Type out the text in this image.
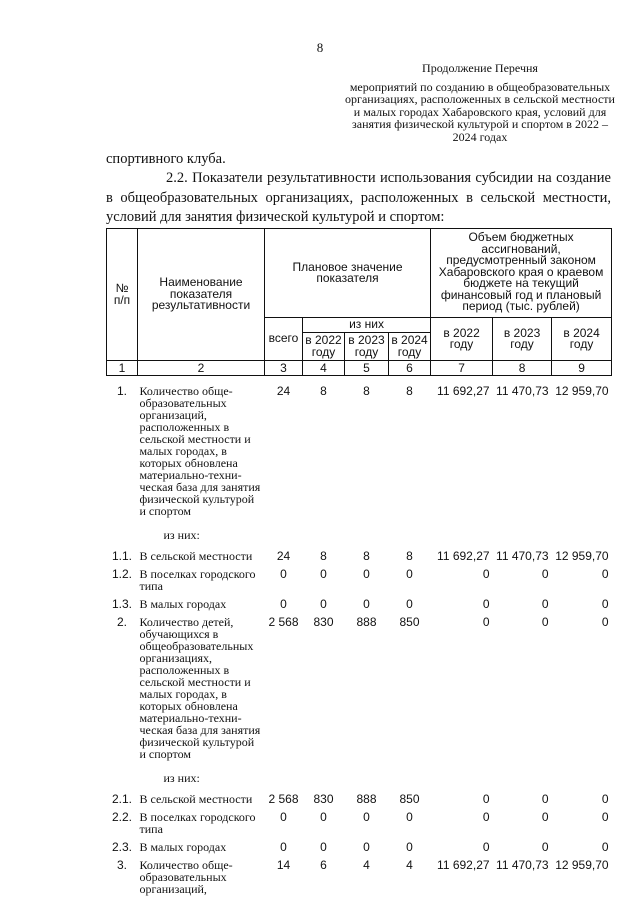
8
Продолжение Перечня
мероприятий по созданию в общеобразовательных организациях, расположенных в сельской местности и малых городах Хабаровского края, условий для занятия физической культурой и спортом в 2022 – 2024 годах
спортивного клуба.
2.2. Показатели результативности использования субсидии на создание в общеобразовательных организациях, расположенных в сельской местности, условий для занятия физической культурой и спортом:
№ п/п	Наименование показателя результативности	Плановое значение показателя				Объем бюджетных ассигнований, предусмотренный законом Хабаровского края о краевом бюджете на текущий финансовый год и плановый период (тыс. рублей)		
		всего	из них			в 2022 году	в 2023 году	в 2024 году
			в 2022 году	в 2023 году	в 2024 году			
1	2	3	4	5	6	7	8	9
1.	Количество обще-образовательных организаций, расположенных в сельской местности и малых городах, в которых обновлена материально-техни-ческая база для занятия физической культурой и спортом	24	8	8	8	11 692,27	11 470,73	12 959,70
	из них:							
1.1.	В сельской местности	24	8	8	8	11 692,27	11 470,73	12 959,70
1.2.	В поселках городского типа	0	0	0	0	0	0	0
1.3.	В малых городах	0	0	0	0	0	0	0
2.	Количество детей, обучающихся в общеобразовательных организациях, расположенных в сельской местности и малых городах, в которых обновлена материально-техни-ческая база для занятия физической культурой и спортом	2 568	830	888	850	0	0	0
	из них:							
2.1.	В сельской местности	2 568	830	888	850	0	0	0
2.2.	В поселках городского типа	0	0	0	0	0	0	0
2.3.	В малых городах	0	0	0	0	0	0	0
3.	Количество обще-образовательных организаций,	14	6	4	4	11 692,27	11 470,73	12 959,70
